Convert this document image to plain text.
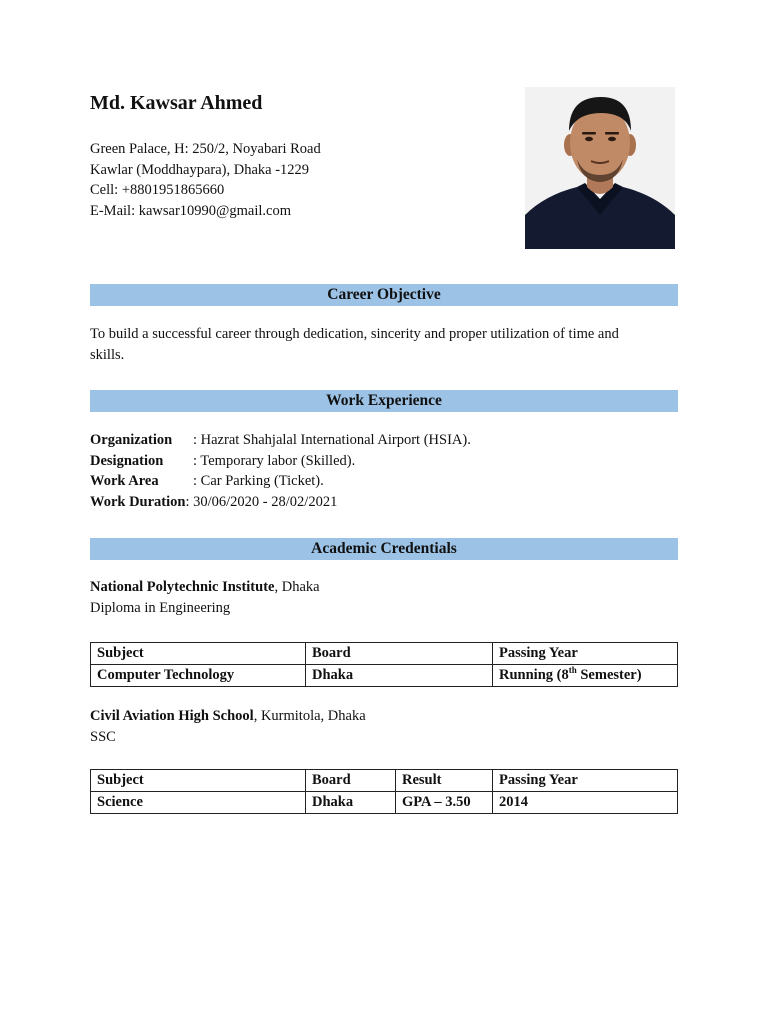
Md. Kawsar Ahmed
Green Palace, H: 250/2, Noyabari Road
Kawlar (Moddhaypara), Dhaka -1229
Cell: +8801951865660
E-Mail: kawsar10990@gmail.com
Career Objective

To build a successful career through dedication, sincerity and proper utilization of time and skills.

Work Experience
Organization : Hazrat Shahjalal International Airport (HSIA).
Designation : Temporary labor (Skilled).
Work Area : Car Parking (Ticket).
Work Duration: 30/06/2020 - 28/02/2021
Academic Credentials
National Polytechnic Institute, Dhaka
Diploma in Engineering
Subject	Board	Passing Year
Computer Technology	Dhaka	Running (8th Semester)
Civil Aviation High School, Kurmitola, Dhaka
SSC
Subject	Board	Result	Passing Year
Science	Dhaka	GPA – 3.50	2014
